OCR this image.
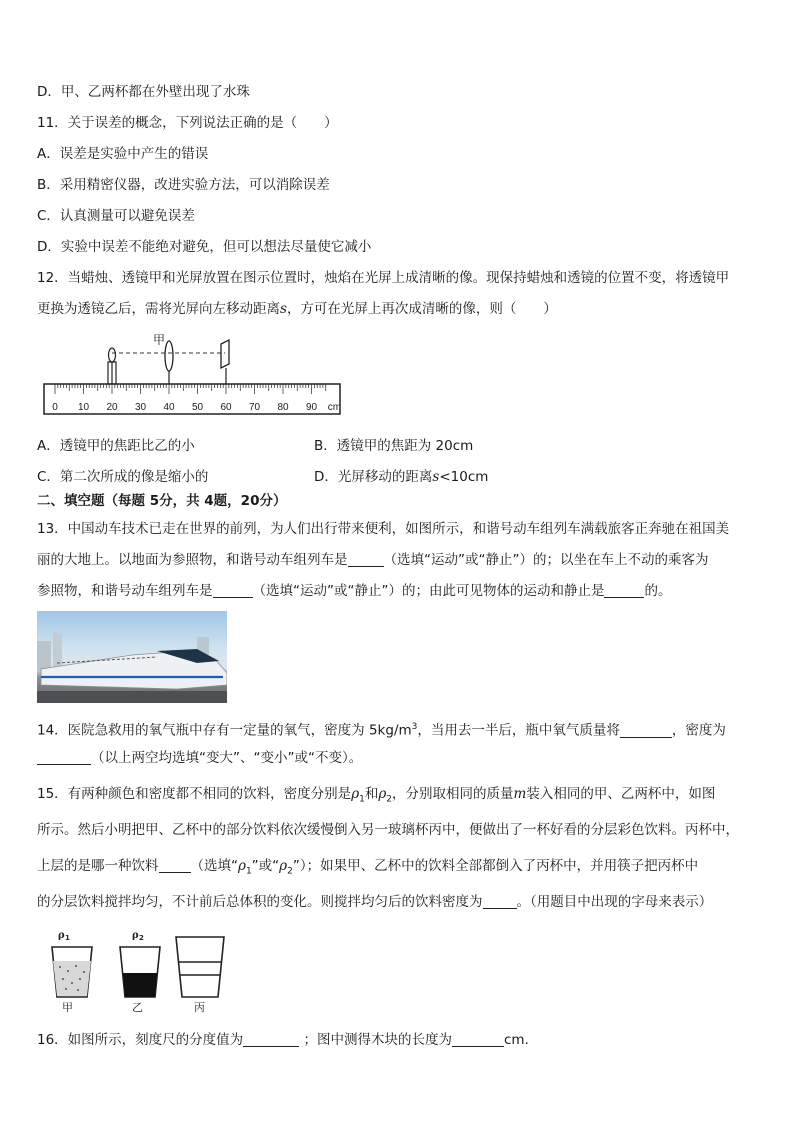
D．甲、乙两杯都在外壁出现了水珠
11．关于误差的概念，下列说法正确的是（　　）
A．误差是实验中产生的错误
B．采用精密仪器，改进实验方法，可以消除误差
C．认真测量可以避免误差
D．实验中误差不能绝对避免，但可以想法尽量使它减小
12．当蜡烛、透镜甲和光屏放置在图示位置时，烛焰在光屏上成清晰的像。现保持蜡烛和透镜的位置不变，将透镜甲
更换为透镜乙后，需将光屏向左移动距离s，方可在光屏上再次成清晰的像，则（　　）
0 10 20 30 40 50 60 70 80 90 cm
甲
A．透镜甲的焦距比乙的小	B．透镜甲的焦距为 20cm
C．第二次所成的像是缩小的	D．光屏移动的距离s<10cm
二、填空题（每题 5分，共 4题，20分）
13．中国动车技术已走在世界的前列，为人们出行带来便利，如图所示，和谐号动车组列车满载旅客正奔驰在祖国美
丽的大地上。以地面为参照物，和谐号动车组列车是	（选填“运动”或“静止”）的；以坐在车上不动的乘客为
参照物，和谐号动车组列车是	（选填“运动”或“静止”）的；由此可见物体的运动和静止是	的。
14．医院急救用的氧气瓶中存有一定量的氧气，密度为 $5kg/m^3$，当用去一半后，瓶中氧气质量将	，密度为
（以上两空均选填“变大”、“变小”或“不变）。
15．有两种颜色和密度都不相同的饮料，密度分别是$\rho_1$和$\rho_2$，分别取相同的质量m装入相同的甲、乙两杯中，如图
所示。然后小明把甲、乙杯中的部分饮料依次缓慢倒入另一玻璃杯丙中，便做出了一杯好看的分层彩色饮料。丙杯中，
上层的是哪一种饮料 （选填“$\rho_1$”或“$\rho_2$”）；如果甲、乙杯中的饮料全部都倒入了丙杯中，并用筷子把丙杯中
的分层饮料搅拌均匀，不计前后总体积的变化。则搅拌均匀后的饮料密度为	。（用题目中出现的字母来表示）
ρ 1
甲
ρ 2
乙	丙
16．如图所示，刻度尺的分度值为	；图中测得木块的长度为	cm.
